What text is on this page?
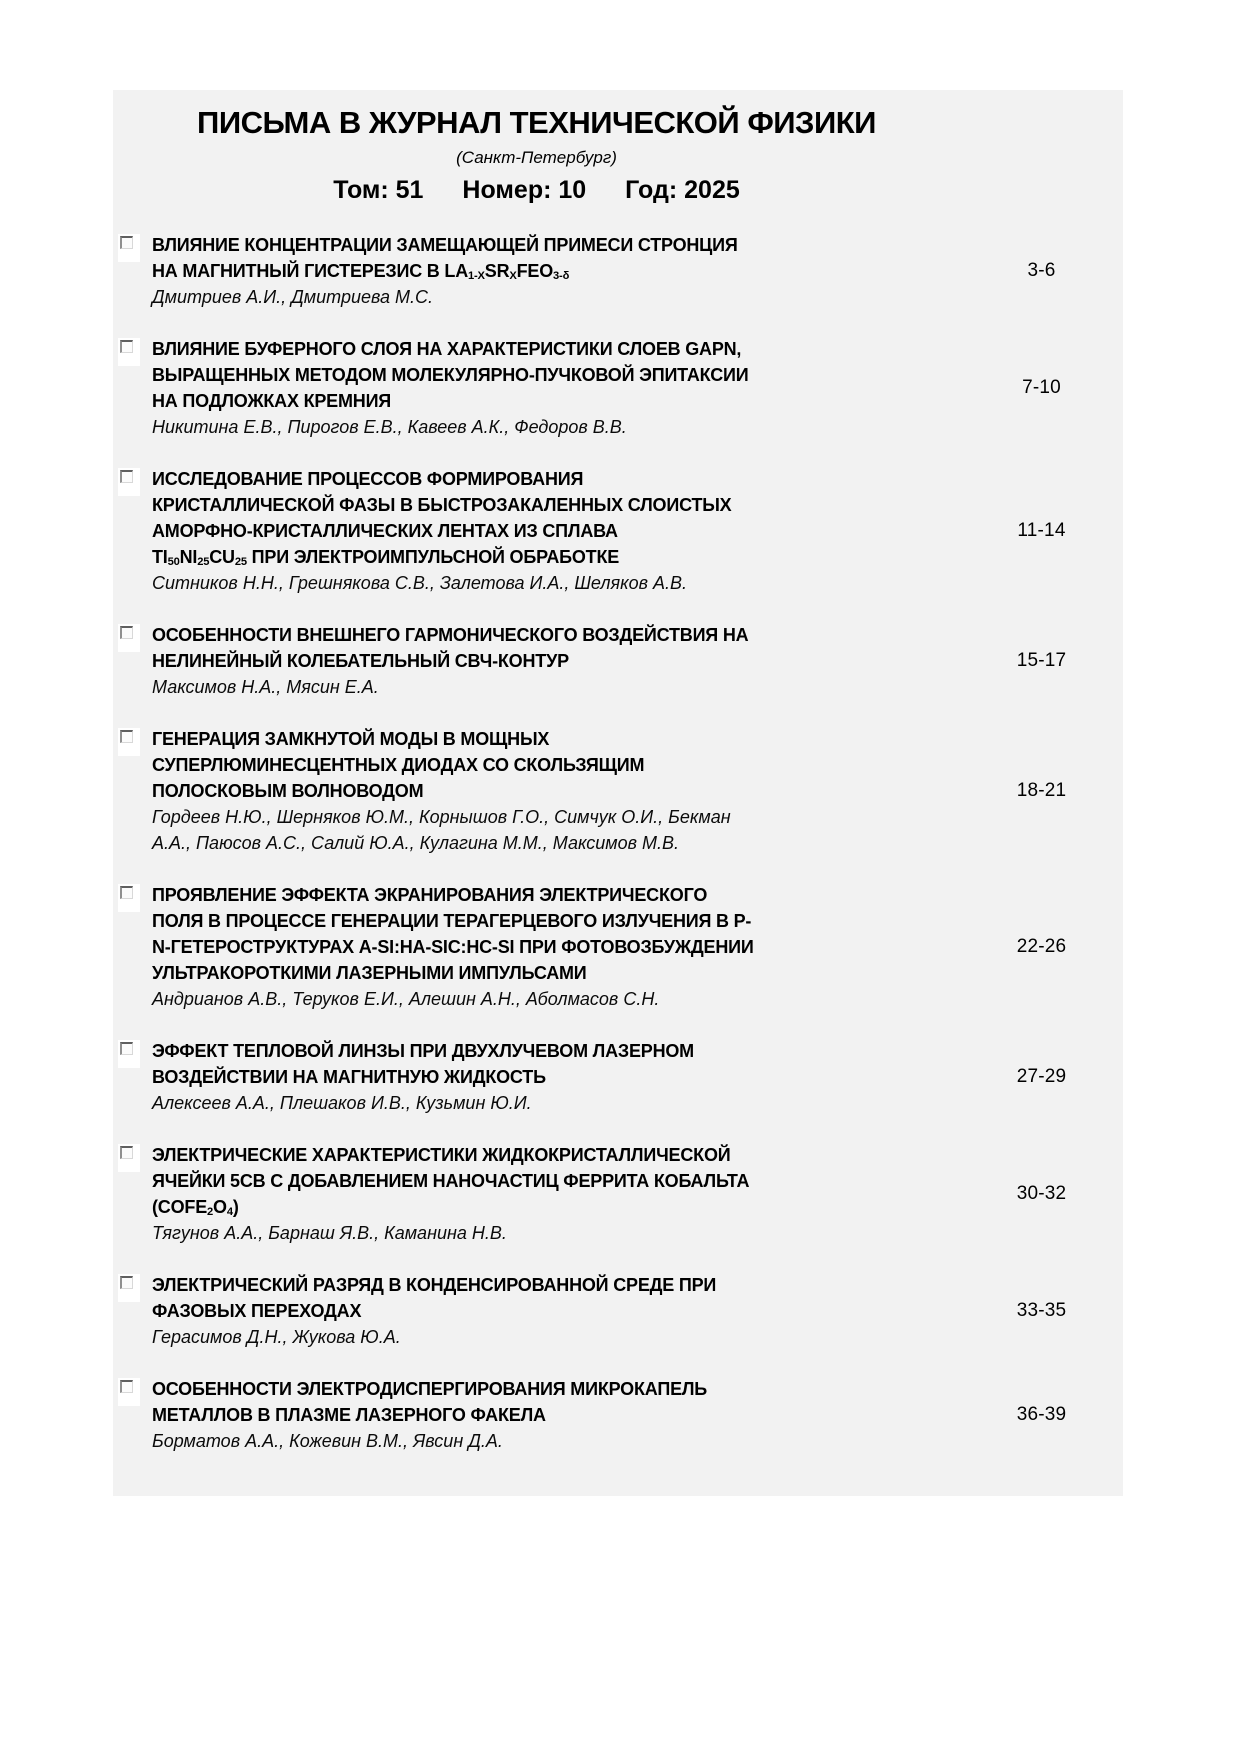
ПИСЬМА В ЖУРНАЛ ТЕХНИЧЕСКОЙ ФИЗИКИ
(Санкт-Петербург)
Том: 51 Номер: 10 Год: 2025
ВЛИЯНИЕ КОНЦЕНТРАЦИИ ЗАМЕЩАЮЩЕЙ ПРИМЕСИ СТРОНЦИЯ
НА МАГНИТНЫЙ ГИСТЕРЕЗИС В $LA_{1-X}SR_XFEO_{3-\delta}$
Дмитриев А.И., Дмитриева М.С.
3-6
ВЛИЯНИЕ БУФЕРНОГО СЛОЯ НА ХАРАКТЕРИСТИКИ СЛОЕВ GAPN,
ВЫРАЩЕННЫХ МЕТОДОМ МОЛЕКУЛЯРНО-ПУЧКОВОЙ ЭПИТАКСИИ
НА ПОДЛОЖКАХ КРЕМНИЯ
Никитина Е.В., Пирогов Е.В., Кавеев А.К., Федоров В.В.
7-10
ИССЛЕДОВАНИЕ ПРОЦЕССОВ ФОРМИРОВАНИЯ
КРИСТАЛЛИЧЕСКОЙ ФАЗЫ В БЫСТРОЗАКАЛЕННЫХ СЛОИСТЫХ
АМОРФНО-КРИСТАЛЛИЧЕСКИХ ЛЕНТАХ ИЗ СПЛАВА
$TI_{50}NI_{25}CU_{25}$ ПРИ ЭЛЕКТРОИМПУЛЬСНОЙ ОБРАБОТКЕ
Ситников Н.Н., Грешнякова С.В., Залетова И.А., Шеляков А.В.
11-14
ОСОБЕННОСТИ ВНЕШНЕГО ГАРМОНИЧЕСКОГО ВОЗДЕЙСТВИЯ НА
НЕЛИНЕЙНЫЙ КОЛЕБАТЕЛЬНЫЙ СВЧ-КОНТУР
Максимов Н.А., Мясин Е.А.
15-17
ГЕНЕРАЦИЯ ЗАМКНУТОЙ МОДЫ В МОЩНЫХ
СУПЕРЛЮМИНЕСЦЕНТНЫХ ДИОДАХ СО СКОЛЬЗЯЩИМ
ПОЛОСКОВЫМ ВОЛНОВОДОМ
Гордеев Н.Ю., Шерняков Ю.М., Корнышов Г.О., Симчук О.И., Бекман
А.А., Паюсов А.С., Салий Ю.А., Кулагина М.М., Максимов М.В.
18-21
ПРОЯВЛЕНИЕ ЭФФЕКТА ЭКРАНИРОВАНИЯ ЭЛЕКТРИЧЕСКОГО
ПОЛЯ В ПРОЦЕССЕ ГЕНЕРАЦИИ ТЕРАГЕРЦЕВОГО ИЗЛУЧЕНИЯ В P-
N-ГЕТЕРОСТРУКТУРАХ A-SI:HA-SIC:HC-SI ПРИ ФОТОВОЗБУЖДЕНИИ
УЛЬТРАКОРОТКИМИ ЛАЗЕРНЫМИ ИМПУЛЬСАМИ
Андрианов А.В., Теруков Е.И., Алешин А.Н., Аболмасов С.Н.
22-26
ЭФФЕКТ ТЕПЛОВОЙ ЛИНЗЫ ПРИ ДВУХЛУЧЕВОМ ЛАЗЕРНОМ
ВОЗДЕЙСТВИИ НА МАГНИТНУЮ ЖИДКОСТЬ
Алексеев А.А., Плешаков И.В., Кузьмин Ю.И.
27-29
ЭЛЕКТРИЧЕСКИЕ ХАРАКТЕРИСТИКИ ЖИДКОКРИСТАЛЛИЧЕСКОЙ
ЯЧЕЙКИ 5CB С ДОБАВЛЕНИЕМ НАНОЧАСТИЦ ФЕРРИТА КОБАЛЬТА
$(COFE_2O_4)$
Тягунов А.А., Барнаш Я.В., Каманина Н.В.
30-32
ЭЛЕКТРИЧЕСКИЙ РАЗРЯД В КОНДЕНСИРОВАННОЙ СРЕДЕ ПРИ
ФАЗОВЫХ ПЕРЕХОДАХ
Герасимов Д.Н., Жукова Ю.А.
33-35
ОСОБЕННОСТИ ЭЛЕКТРОДИСПЕРГИРОВАНИЯ МИКРОКАПЕЛЬ
МЕТАЛЛОВ В ПЛАЗМЕ ЛАЗЕРНОГО ФАКЕЛА
Борматов А.А., Кожевин В.М., Явсин Д.А.
36-39
